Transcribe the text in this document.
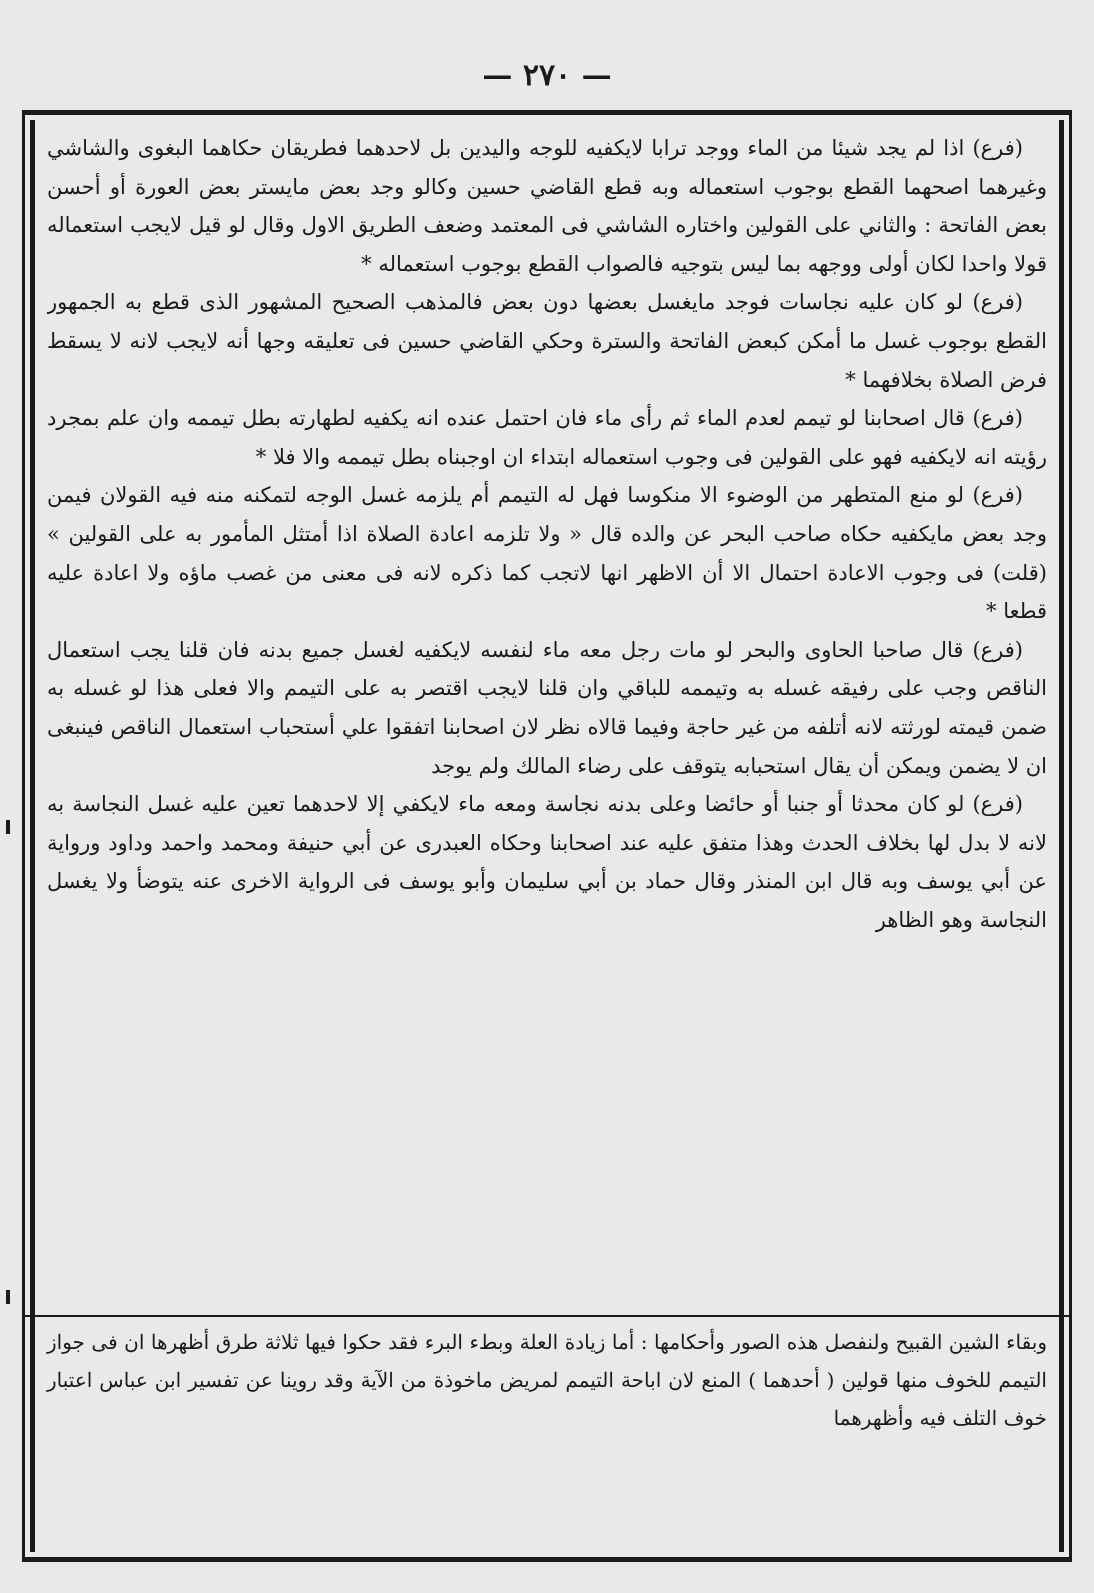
— ٢٧٠ —

(فرع) اذا لم يجد شيئا من الماء ووجد ترابا لايكفيه للوجه واليدين بل لاحدهما فطريقان حكاهما البغوى والشاشي وغيرهما اصحهما القطع بوجوب استعماله وبه قطع القاضي حسين وكالو وجد بعض مايستر بعض العورة أو أحسن بعض الفاتحة : والثاني على القولين واختاره الشاشي فى المعتمد وضعف الطريق الاول وقال لو قيل لايجب استعماله قولا واحدا لكان أولى ووجهه بما ليس بتوجيه فالصواب القطع بوجوب استعماله *

(فرع) لو كان عليه نجاسات فوجد مايغسل بعضها دون بعض فالمذهب الصحيح المشهور الذى قطع به الجمهور القطع بوجوب غسل ما أمكن كبعض الفاتحة والسترة وحكي القاضي حسين فى تعليقه وجها أنه لايجب لانه لا يسقط فرض الصلاة بخلافهما *

(فرع) قال اصحابنا لو تيمم لعدم الماء ثم رأى ماء فان احتمل عنده انه يكفيه لطهارته بطل تيممه وان علم بمجرد رؤيته انه لايكفيه فهو على القولين فى وجوب استعماله ابتداء ان اوجبناه بطل تيممه والا فلا *

(فرع) لو منع المتطهر من الوضوء الا منكوسا فهل له التيمم أم يلزمه غسل الوجه لتمكنه منه فيه القولان فيمن وجد بعض مايكفيه حكاه صاحب البحر عن والده قال « ولا تلزمه اعادة الصلاة اذا أمتثل المأمور به على القولين » (قلت) فى وجوب الاعادة احتمال الا أن الاظهر انها لاتجب كما ذكره لانه فى معنى من غصب ماؤه ولا اعادة عليه قطعا *

(فرع) قال صاحبا الحاوى والبحر لو مات رجل معه ماء لنفسه لايكفيه لغسل جميع بدنه فان قلنا يجب استعمال الناقص وجب على رفيقه غسله به وتيممه للباقي وان قلنا لايجب اقتصر به على التيمم والا فعلى هذا لو غسله به ضمن قيمته لورثته لانه أتلفه من غير حاجة وفيما قالاه نظر لان اصحابنا اتفقوا علي أستحباب استعمال الناقص فينبغى ان لا يضمن ويمكن أن يقال استحبابه يتوقف على رضاء المالك ولم يوجد

(فرع) لو كان محدثا أو جنبا أو حائضا وعلى بدنه نجاسة ومعه ماء لايكفي إلا لاحدهما تعين عليه غسل النجاسة به لانه لا بدل لها بخلاف الحدث وهذا متفق عليه عند اصحابنا وحكاه العبدرى عن أبي حنيفة ومحمد واحمد وداود ورواية عن أبي يوسف وبه قال ابن المنذر وقال حماد بن أبي سليمان وأبو يوسف فى الرواية الاخرى عنه يتوضأ ولا يغسل النجاسة وهو الظاهر

وبقاء الشين القبيح ولنفصل هذه الصور وأحكامها : أما زيادة العلة وبطء البرء فقد حكوا فيها ثلاثة طرق أظهرها ان فى جواز التيمم للخوف منها قولين ( أحدهما ) المنع لان اباحة التيمم لمريض ماخوذة من الآية وقد روينا عن تفسير ابن عباس اعتبار خوف التلف فيه وأظهرهما
